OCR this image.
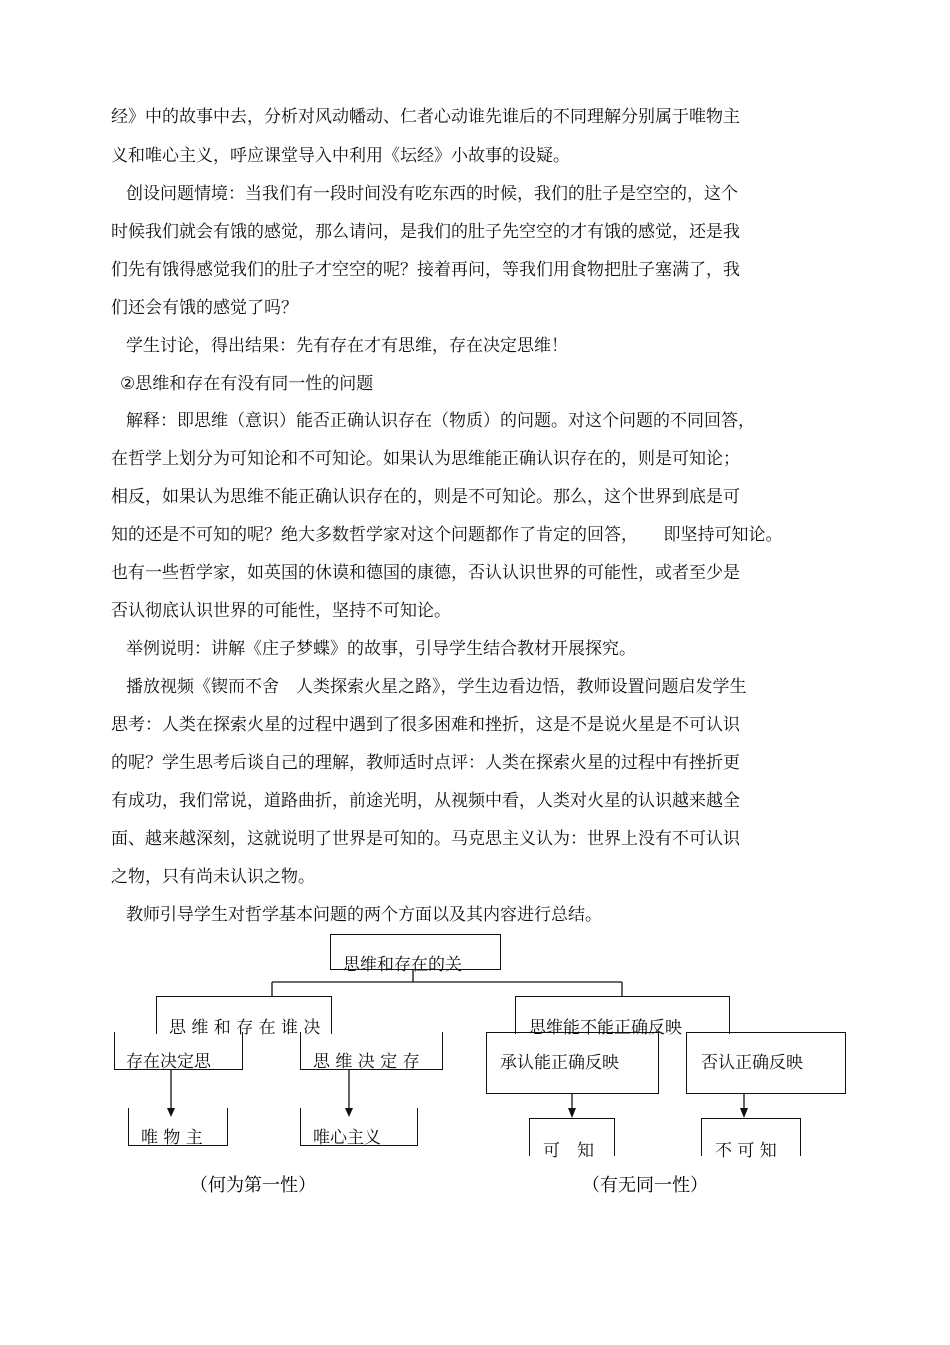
经》中的故事中去，分析对风动幡动、仁者心动谁先谁后的不同理解分别属于唯物主
义和唯心主义，呼应课堂导入中利用《坛经》小故事的设疑。
创设问题情境：当我们有一段时间没有吃东西的时候，我们的肚子是空空的，这个
时候我们就会有饿的感觉，那么请问，是我们的肚子先空空的才有饿的感觉，还是我
们先有饿得感觉我们的肚子才空空的呢？接着再问，等我们用食物把肚子塞满了，我
们还会有饿的感觉了吗？
学生讨论，得出结果：先有存在才有思维，存在决定思维！
②思维和存在有没有同一性的问题
解释：即思维（意识）能否正确认识存在（物质）的问题。对这个问题的不同回答，
在哲学上划分为可知论和不可知论。如果认为思维能正确认识存在的，则是可知论；
相反，如果认为思维不能正确认识存在的，则是不可知论。那么，这个世界到底是可
知的还是不可知的呢？绝大多数哲学家对这个问题都作了肯定的回答，　　即坚持可知论。
也有一些哲学家，如英国的休谟和德国的康德，否认认识世界的可能性，或者至少是
否认彻底认识世界的可能性，坚持不可知论。
举例说明：讲解《庄子梦蝶》的故事，引导学生结合教材开展探究。
播放视频《锲而不舍　人类探索火星之路》，学生边看边悟，教师设置问题启发学生
思考：人类在探索火星的过程中遇到了很多困难和挫折，这是不是说火星是不可认识
的呢？学生思考后谈自己的理解，教师适时点评：人类在探索火星的过程中有挫折更
有成功，我们常说，道路曲折，前途光明，从视频中看，人类对火星的认识越来越全
面、越来越深刻，这就说明了世界是可知的。马克思主义认为：世界上没有不可认识
之物，只有尚未认识之物。
教师引导学生对哲学基本问题的两个方面以及其内容进行总结。
思维和存在的关
思 维 和 存 在 谁 决	思维能不能正确反映
存在决定思	思 维 决 定 存	承认能正确反映	否认正确反映
唯 物 主	唯心主义
可　知	不 可 知
（何为第一性）	（有无同一性）
